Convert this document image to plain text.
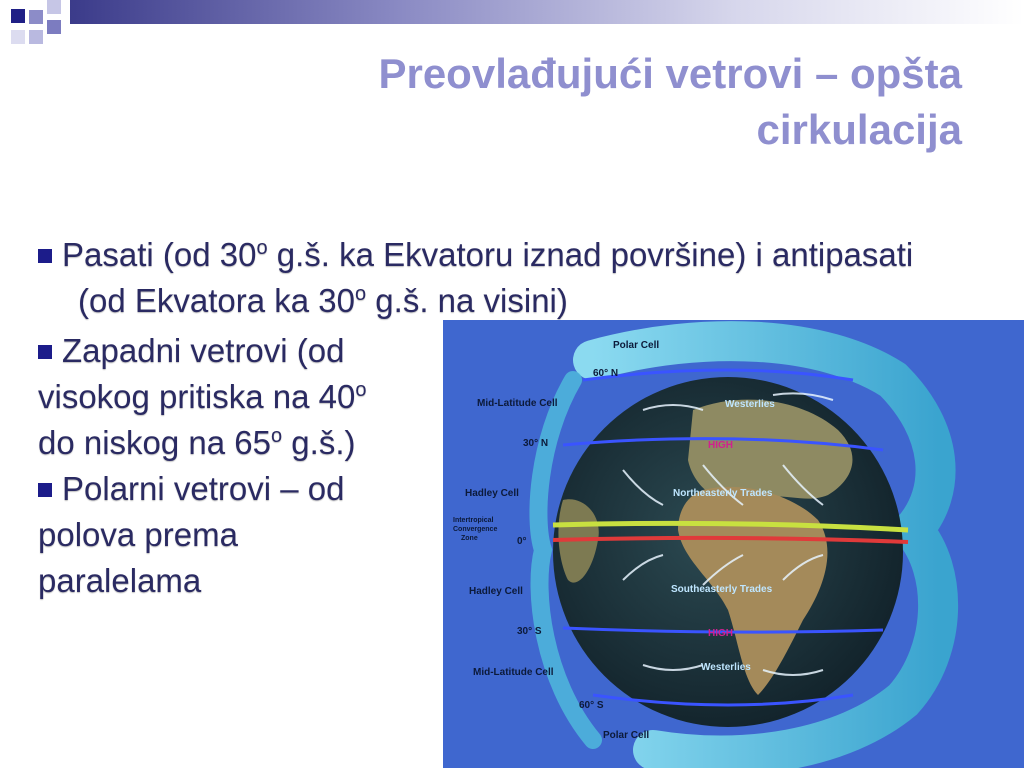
Preovlađujući vetrovi – opšta
cirkulacija
Pasati (od 30$^o$ g.š. ka Ekvatoru iznad površine) i antipasati (od Ekvatora ka 30$^o$ g.š. na visini)
Zapadni vetrovi (od
visokog pritiska na 40$^o$
do niskog na 65$^o$ g.š.)
Polarni vetrovi – od
polova prema
paralelama
Polar Cell
60° N
Mid-Latitude Cell
30° N
Hadley Cell
Intertropical
Convergence
Zone	0°
Hadley Cell
30° S
Mid-Latitude Cell
60° S
Polar Cell
Westerlies
HIGH
Northeasterly Trades
Southeasterly Trades
HIGH
Westerlies
